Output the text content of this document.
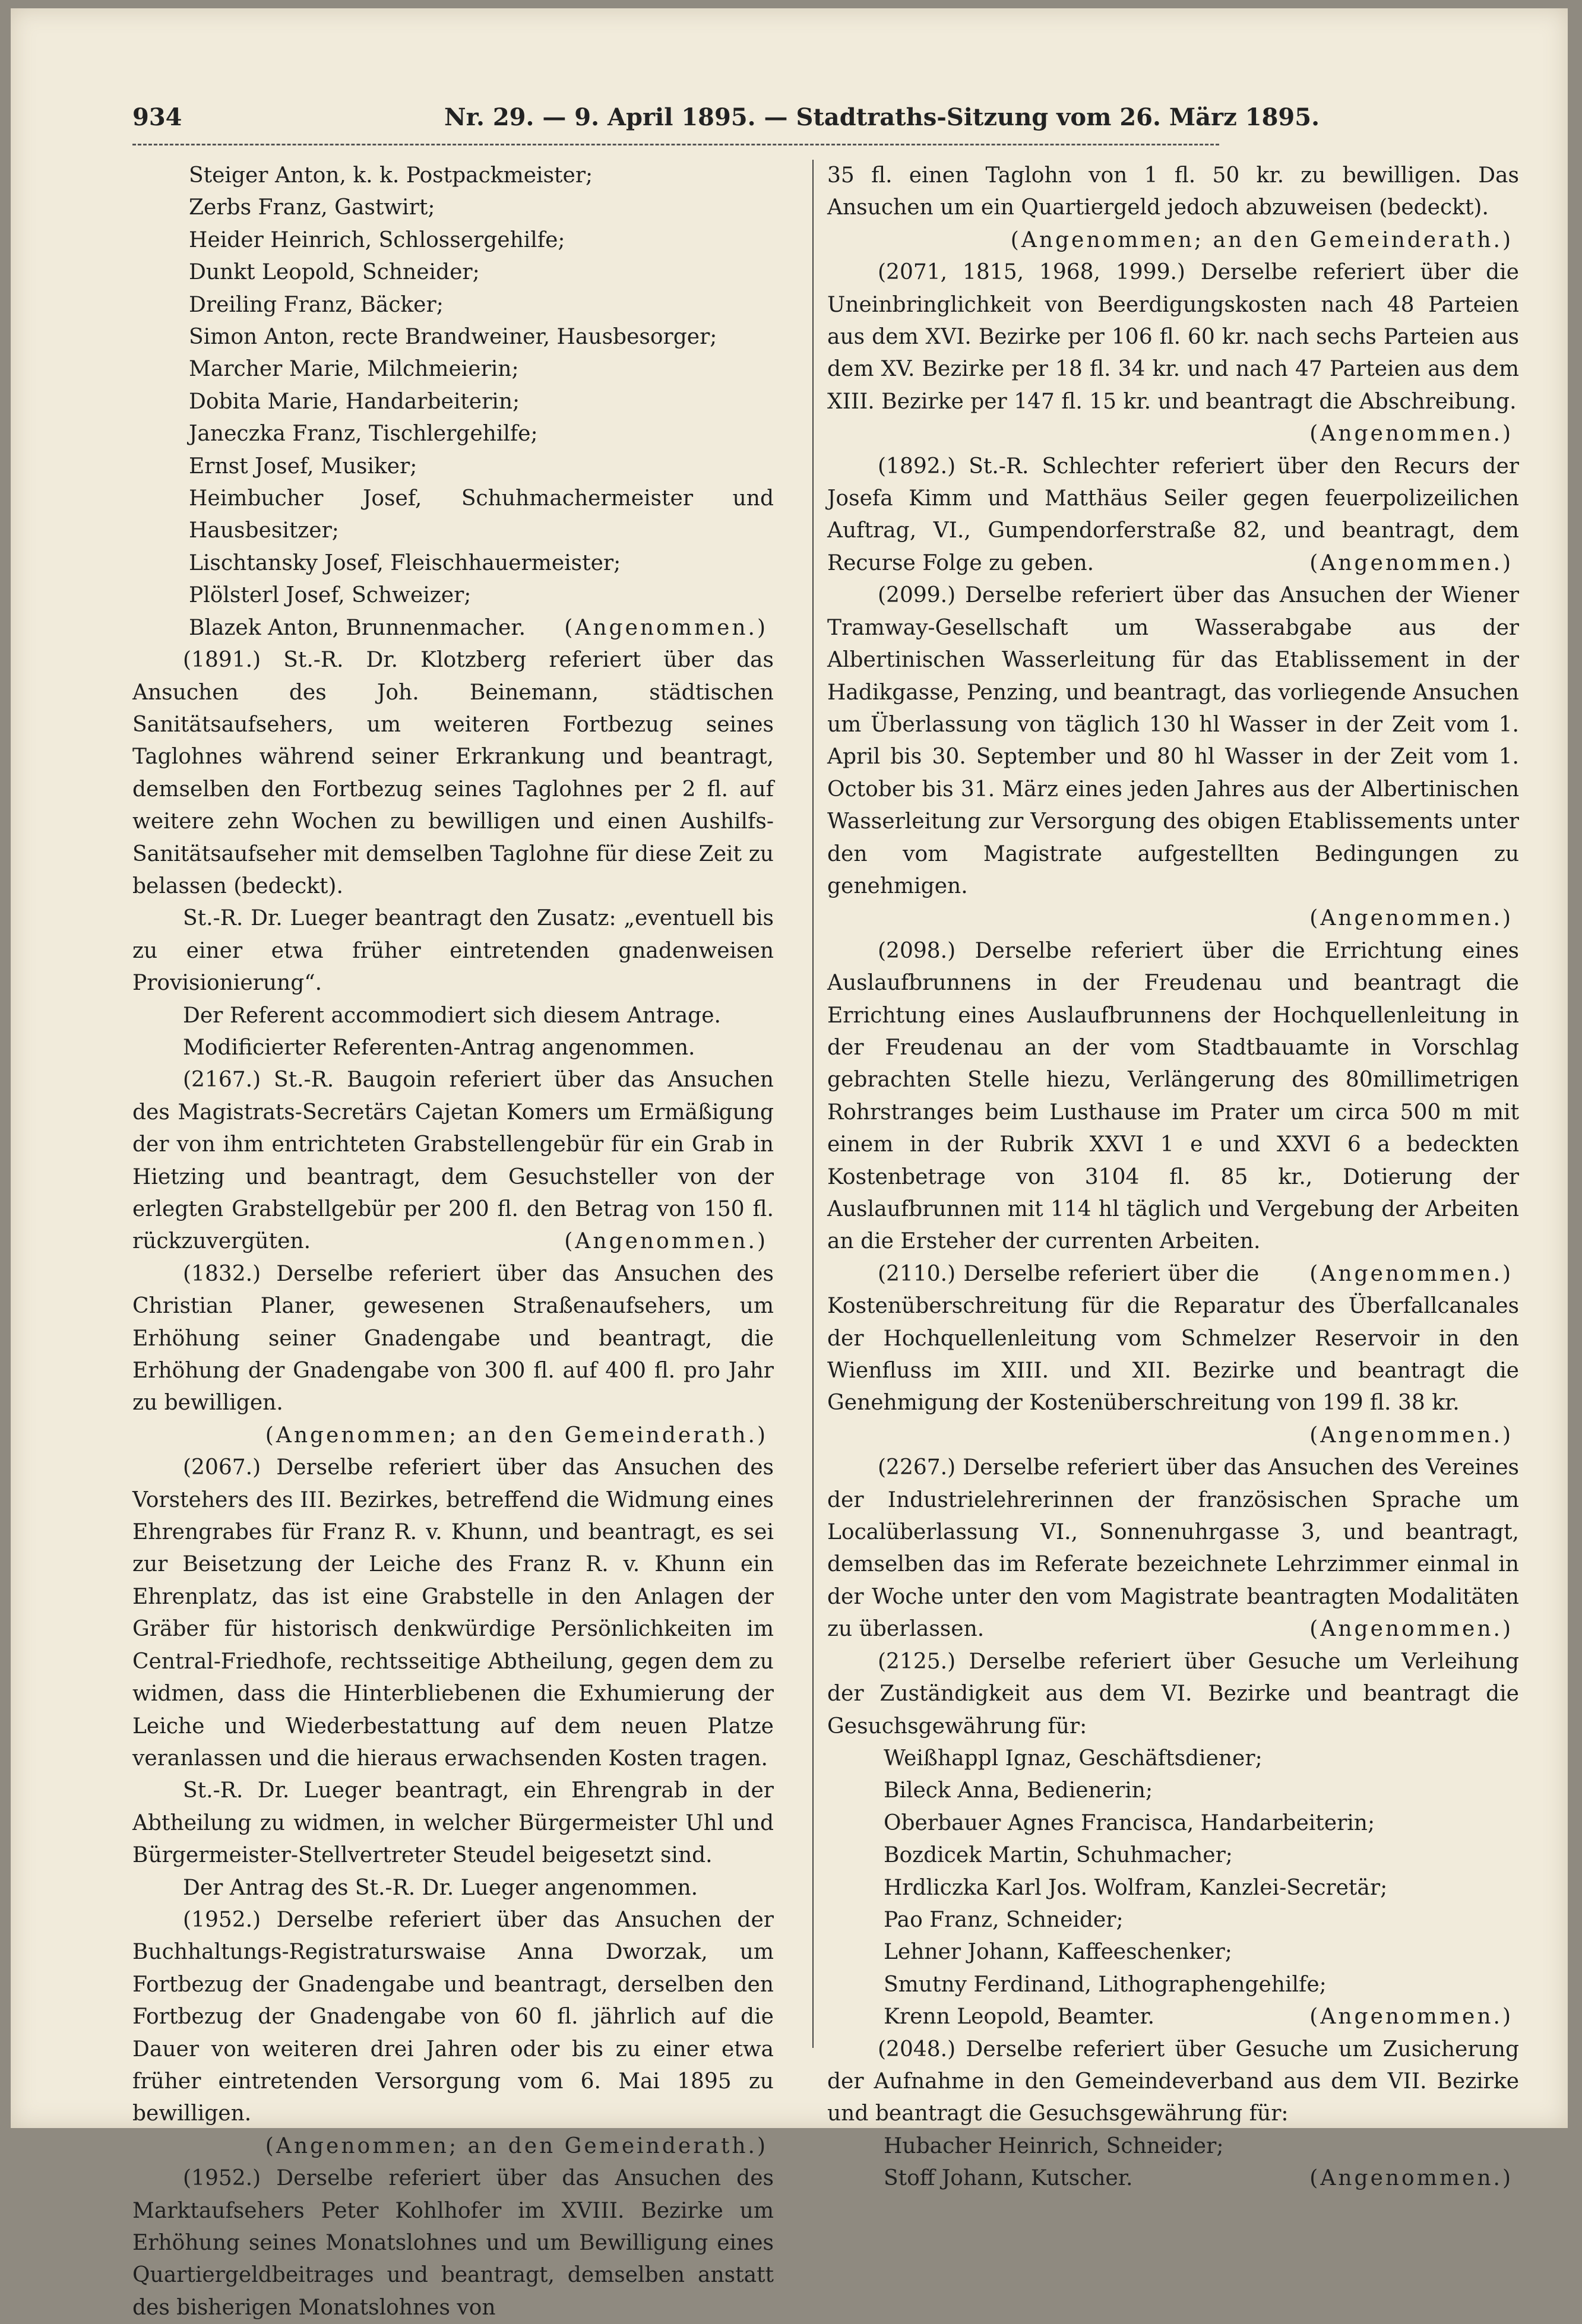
934	Nr. 29. — 9. April 1895. — Stadtraths-Sitzung vom 26. März 1895.

Steiger Anton, k. k. Postpackmeister;

Zerbs Franz, Gastwirt;

Heider Heinrich, Schlossergehilfe;

Dunkt Leopold, Schneider;

Dreiling Franz, Bäcker;

Simon Anton, recte Brandweiner, Hausbesorger;

Marcher Marie, Milchmeierin;

Dobita Marie, Handarbeiterin;

Janeczka Franz, Tischlergehilfe;

Ernst Josef, Musiker;

Heimbucher Josef, Schuhmachermeister und Hausbesitzer;

Lischtansky Josef, Fleischhauermeister;

Plölsterl Josef, Schweizer;

Blazek Anton, Brunnenmacher. (Angenommen.)

(1891.) St.-R. Dr. Klotzberg referiert über das Ansuchen des Joh. Beinemann, städtischen Sanitätsaufsehers, um weiteren Fortbezug seines Taglohnes während seiner Erkrankung und beantragt, demselben den Fortbezug seines Taglohnes per 2 fl. auf weitere zehn Wochen zu bewilligen und einen Aushilfs-Sanitätsaufseher mit demselben Taglohne für diese Zeit zu belassen (bedeckt).

St.-R. Dr. Lueger beantragt den Zusatz: „eventuell bis zu einer etwa früher eintretenden gnadenweisen Provisionierung“.

Der Referent accommodiert sich diesem Antrage.

Modificierter Referenten-Antrag angenommen.

(2167.) St.-R. Baugoin referiert über das Ansuchen des Magistrats-Secretärs Cajetan Komers um Ermäßigung der von ihm entrichteten Grabstellengebür für ein Grab in Hietzing und beantragt, dem Gesuchsteller von der erlegten Grabstellgebür per 200 fl. den Betrag von 150 fl. rückzuvergüten.	(Angenommen.)

(1832.) Derselbe referiert über das Ansuchen des Christian Planer, gewesenen Straßenaufsehers, um Erhöhung seiner Gnadengabe und beantragt, die Erhöhung der Gnadengabe von 300 fl. auf 400 fl. pro Jahr zu bewilligen.

(Angenommen; an den Gemeinderath.)

(2067.) Derselbe referiert über das Ansuchen des Vorstehers des III. Bezirkes, betreffend die Widmung eines Ehrengrabes für Franz R. v. Khunn, und beantragt, es sei zur Beisetzung der Leiche des Franz R. v. Khunn ein Ehrenplatz, das ist eine Grabstelle in den Anlagen der Gräber für historisch denkwürdige Persönlichkeiten im Central-Friedhofe, rechtsseitige Abtheilung, gegen dem zu widmen, dass die Hinterbliebenen die Exhumierung der Leiche und Wiederbestattung auf dem neuen Platze veranlassen und die hieraus erwachsenden Kosten tragen.

St.-R. Dr. Lueger beantragt, ein Ehrengrab in der Abtheilung zu widmen, in welcher Bürgermeister Uhl und Bürgermeister-Stellvertreter Steudel beigesetzt sind.

Der Antrag des St.-R. Dr. Lueger angenommen.

(1952.) Derselbe referiert über das Ansuchen der Buchhaltungs-Registraturswaise Anna Dworzak, um Fortbezug der Gnadengabe und beantragt, derselben den Fortbezug der Gnadengabe von 60 fl. jährlich auf die Dauer von weiteren drei Jahren oder bis zu einer etwa früher eintretenden Versorgung vom 6. Mai 1895 zu bewilligen.

(Angenommen; an den Gemeinderath.)

(1952.) Derselbe referiert über das Ansuchen des Marktaufsehers Peter Kohlhofer im XVIII. Bezirke um Erhöhung seines Monatslohnes und um Bewilligung eines Quartiergeldbeitrages und beantragt, demselben anstatt des bisherigen Monatslohnes von

35 fl. einen Taglohn von 1 fl. 50 kr. zu bewilligen. Das Ansuchen um ein Quartiergeld jedoch abzuweisen (bedeckt).

(Angenommen; an den Gemeinderath.)

(2071, 1815, 1968, 1999.) Derselbe referiert über die Uneinbringlichkeit von Beerdigungskosten nach 48 Parteien aus dem XVI. Bezirke per 106 fl. 60 kr. nach sechs Parteien aus dem XV. Bezirke per 18 fl. 34 kr. und nach 47 Parteien aus dem XIII. Bezirke per 147 fl. 15 kr. und beantragt die Abschreibung.

(Angenommen.)

(1892.) St.-R. Schlechter referiert über den Recurs der Josefa Kimm und Matthäus Seiler gegen feuerpolizeilichen Auftrag, VI., Gumpendorferstraße 82, und beantragt, dem Recurse Folge zu geben.	(Angenommen.)

(2099.) Derselbe referiert über das Ansuchen der Wiener Tramway-Gesellschaft um Wasserabgabe aus der Albertinischen Wasserleitung für das Etablissement in der Hadikgasse, Penzing, und beantragt, das vorliegende Ansuchen um Überlassung von täglich 130 hl Wasser in der Zeit vom 1. April bis 30. September und 80 hl Wasser in der Zeit vom 1. October bis 31. März eines jeden Jahres aus der Albertinischen Wasserleitung zur Versorgung des obigen Etablissements unter den vom Magistrate aufgestellten Bedingungen zu genehmigen.

(Angenommen.)

(2098.) Derselbe referiert über die Errichtung eines Auslaufbrunnens in der Freudenau und beantragt die Errichtung eines Auslaufbrunnens der Hochquellenleitung in der Freudenau an der vom Stadtbauamte in Vorschlag gebrachten Stelle hiezu, Verlängerung des 80millimetrigen Rohrstranges beim Lusthause im Prater um circa 500 m mit einem in der Rubrik XXVI 1 e und XXVI 6 a bedeckten Kostenbetrage von 3104 fl. 85 kr., Dotierung der Auslaufbrunnen mit 114 hl täglich und Vergebung der Arbeiten an die Ersteher der currenten Arbeiten.
(Angenommen.)

(2110.) Derselbe referiert über die Kostenüberschreitung für die Reparatur des Überfallcanales der Hochquellenleitung vom Schmelzer Reservoir in den Wienfluss im XIII. und XII. Bezirke und beantragt die Genehmigung der Kostenüberschreitung von 199 fl. 38 kr.

(Angenommen.)

(2267.) Derselbe referiert über das Ansuchen des Vereines der Industrielehrerinnen der französischen Sprache um Localüberlassung VI., Sonnenuhrgasse 3, und beantragt, demselben das im Referate bezeichnete Lehrzimmer einmal in der Woche unter den vom Magistrate beantragten Modalitäten zu überlassen.	(Angenommen.)

(2125.) Derselbe referiert über Gesuche um Verleihung der Zuständigkeit aus dem VI. Bezirke und beantragt die Gesuchsgewährung für:

Weißhappl Ignaz, Geschäftsdiener;

Bileck Anna, Bedienerin;

Oberbauer Agnes Francisca, Handarbeiterin;

Bozdicek Martin, Schuhmacher;

Hrdliczka Karl Jos. Wolfram, Kanzlei-Secretär;

Pao Franz, Schneider;

Lehner Johann, Kaffeeschenker;

Smutny Ferdinand, Lithographengehilfe;

Krenn Leopold, Beamter.	(Angenommen.)

(2048.) Derselbe referiert über Gesuche um Zusicherung der Aufnahme in den Gemeindeverband aus dem VII. Bezirke und beantragt die Gesuchsgewährung für:

Hubacher Heinrich, Schneider;

Stoff Johann, Kutscher.	(Angenommen.)
